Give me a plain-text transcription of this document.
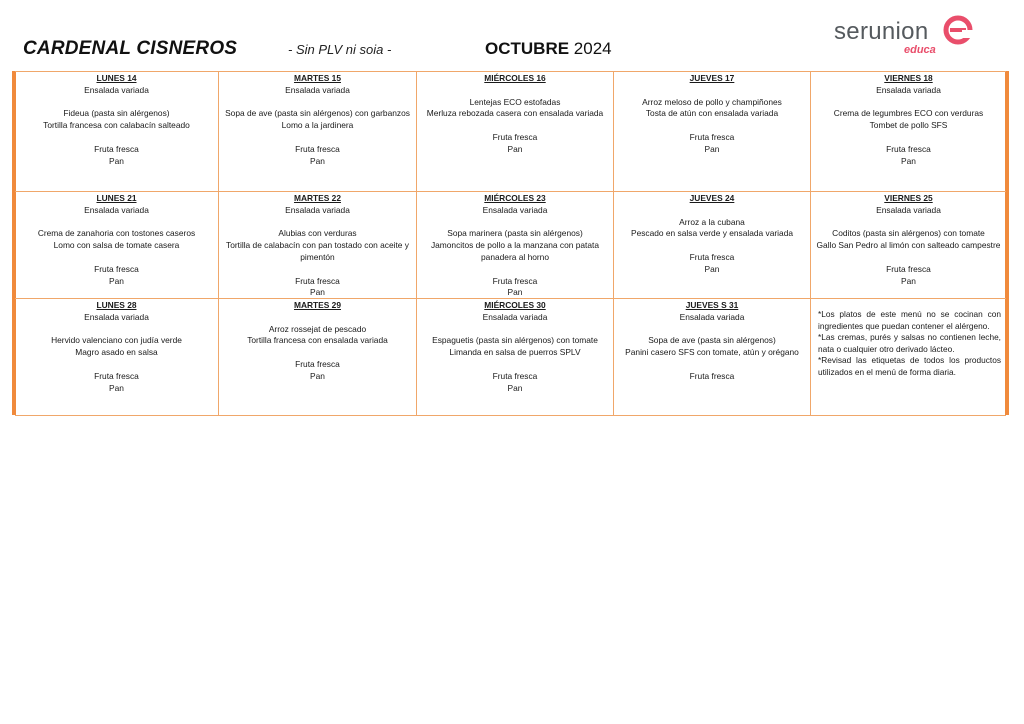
CARDENAL CISNEROS	- Sin PLV ni soia -	OCTUBRE 2024
serunion
educa
LUNES 14
Ensalada variada
Fideua (pasta sin alérgenos)
Tortilla francesa con calabacín salteado
Fruta fresca
Pan
MARTES 15
Ensalada variada
Sopa de ave (pasta sin alérgenos) con garbanzos
Lomo a la jardinera
Fruta fresca
Pan
MIÉRCOLES 16
Lentejas ECO estofadas
Merluza rebozada casera con ensalada variada
Fruta fresca
Pan
JUEVES 17
Arroz meloso de pollo y champiñones
Tosta de atún con ensalada variada
Fruta fresca
Pan
VIERNES 18
Ensalada variada
Crema de legumbres ECO con verduras
Tombet de pollo SFS
Fruta fresca
Pan
LUNES 21
Ensalada variada
Crema de zanahoria con tostones caseros
Lomo con salsa de tomate casera
Fruta fresca
Pan
MARTES 22
Ensalada variada
Alubias con verduras
Tortilla de calabacín con pan tostado con aceite y pimentón
Fruta fresca
Pan
MIÉRCOLES 23
Ensalada variada
Sopa marinera (pasta sin alérgenos)
Jamoncitos de pollo a la manzana con patata panadera al horno
Fruta fresca
Pan
JUEVES 24
Arroz a la cubana
Pescado en salsa verde y ensalada variada
Fruta fresca
Pan
VIERNES 25
Ensalada variada
Coditos (pasta sin alérgenos) con tomate
Gallo San Pedro al limón con salteado campestre
Fruta fresca
Pan
LUNES 28
Ensalada variada
Hervido valenciano con judía verde
Magro asado en salsa
Fruta fresca
Pan
MARTES 29
Arroz rossejat de pescado
Tortilla francesa con ensalada variada
Fruta fresca
Pan
MIÉRCOLES 30
Ensalada variada
Espaguetis (pasta sin alérgenos) con tomate
Limanda en salsa de puerros SPLV
Fruta fresca
Pan
JUEVES S 31
Ensalada variada
Sopa de ave (pasta sin alérgenos)
Panini casero SFS con tomate, atún y orégano
Fruta fresca
*Los platos de este menú no se cocinan con ingredientes que puedan contener el alérgeno.
*Las cremas, purés y salsas no contienen leche, nata o cualquier otro derivado lácteo.
*Revisad las etiquetas de todos los productos utilizados en el menú de forma diaria.
